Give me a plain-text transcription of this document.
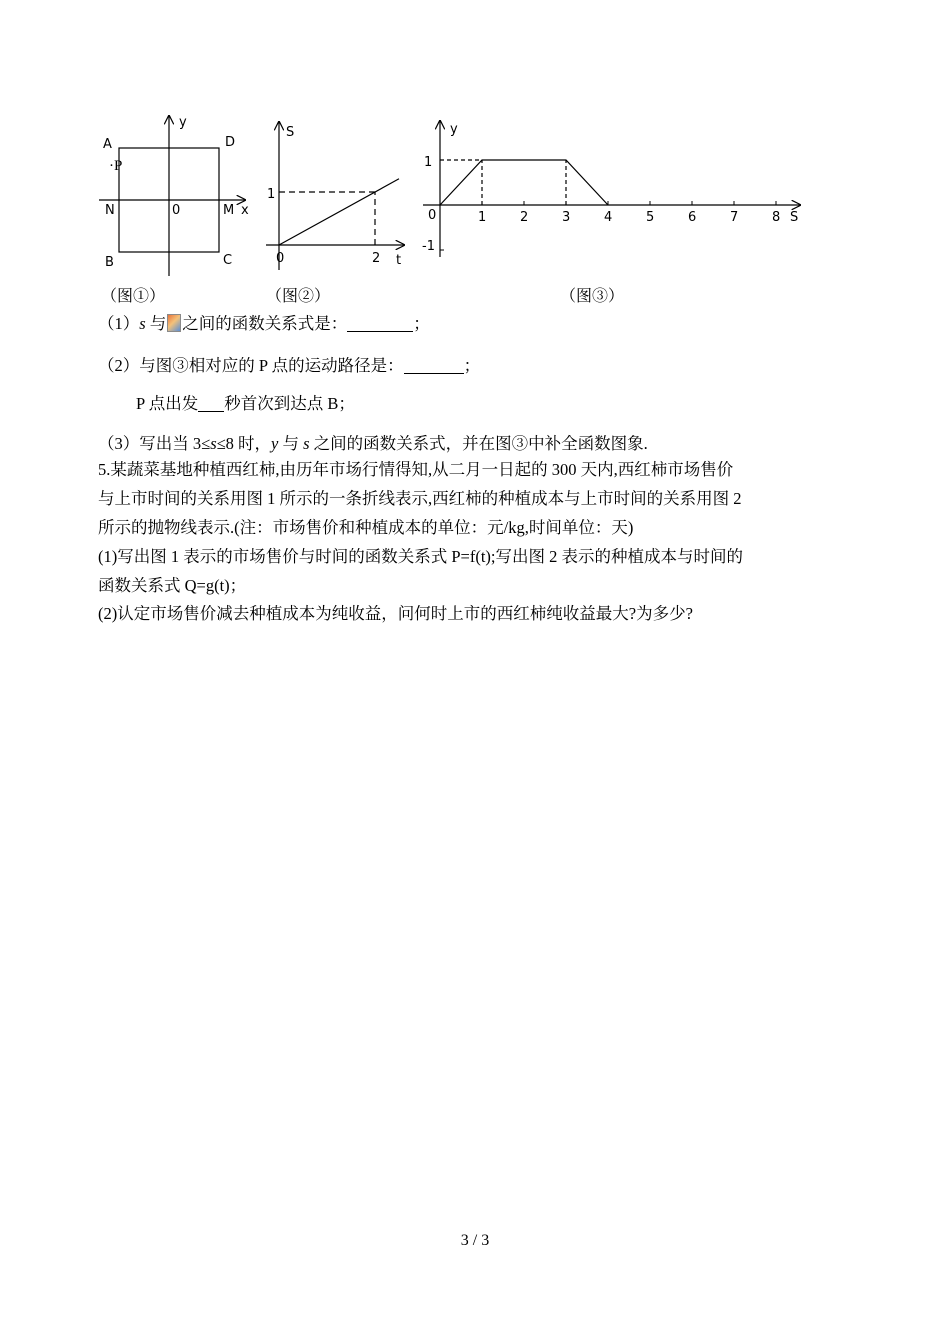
A	D
B	C
N	M
0
·P
x
y
S
t
0
1
2
1	2	3	4	5	6	7	8
y
S
0
1
-1
（图①）	（图②）	（图③）
（1）s 与 之间的函数关系式是：	；
（2）与图③相对应的 P 点的运动路径是：	；
P 点出发 秒首次到达点 B；
（3）写出当 3≤s≤8 时，y 与 s 之间的函数关系式，并在图③中补全函数图象.
5.某蔬菜基地种植西红柿,由历年市场行情得知,从二月一日起的 300 天内,西红柿市场售价
与上市时间的关系用图 1 所示的一条折线表示,西红柿的种植成本与上市时间的关系用图 2
所示的抛物线表示.(注：市场售价和种植成本的单位：元/kg,时间单位：天)
(1)写出图 1 表示的市场售价与时间的函数关系式 P=f(t);写出图 2 表示的种植成本与时间的
函数关系式 Q=g(t)；
(2)认定市场售价减去种植成本为纯收益，问何时上市的西红柿纯收益最大?为多少?
3 / 3
